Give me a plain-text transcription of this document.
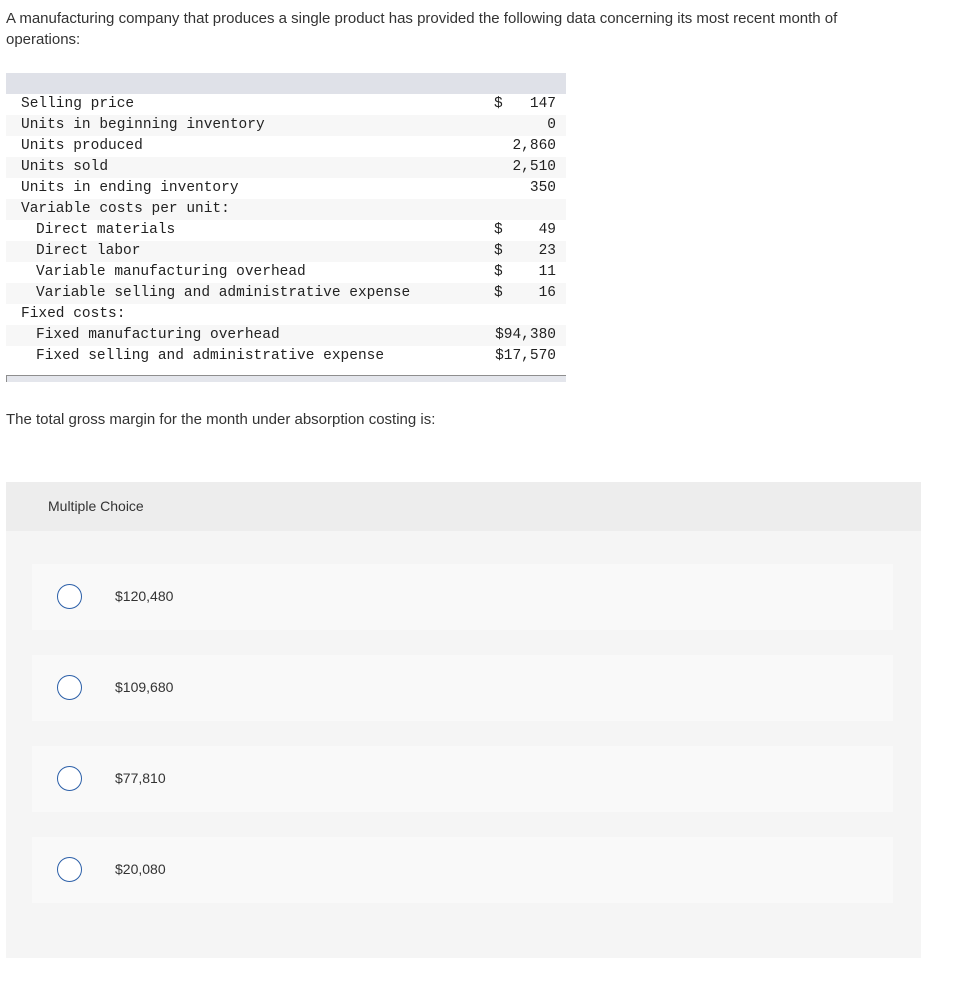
A manufacturing company that produces a single product has provided the following data concerning its most recent month of operations:
Selling price	$ 147
Units in beginning inventory	0
Units produced	2,860
Units sold	2,510
Units in ending inventory	350
Variable costs per unit:
Direct materials	$ 49
Direct labor	$ 23
Variable manufacturing overhead	$ 11
Variable selling and administrative expense	$ 16
Fixed costs:
Fixed manufacturing overhead	$94,380
Fixed selling and administrative expense	$17,570
The total gross margin for the month under absorption costing is:
Multiple Choice
$120,480
$109,680
$77,810
$20,080
